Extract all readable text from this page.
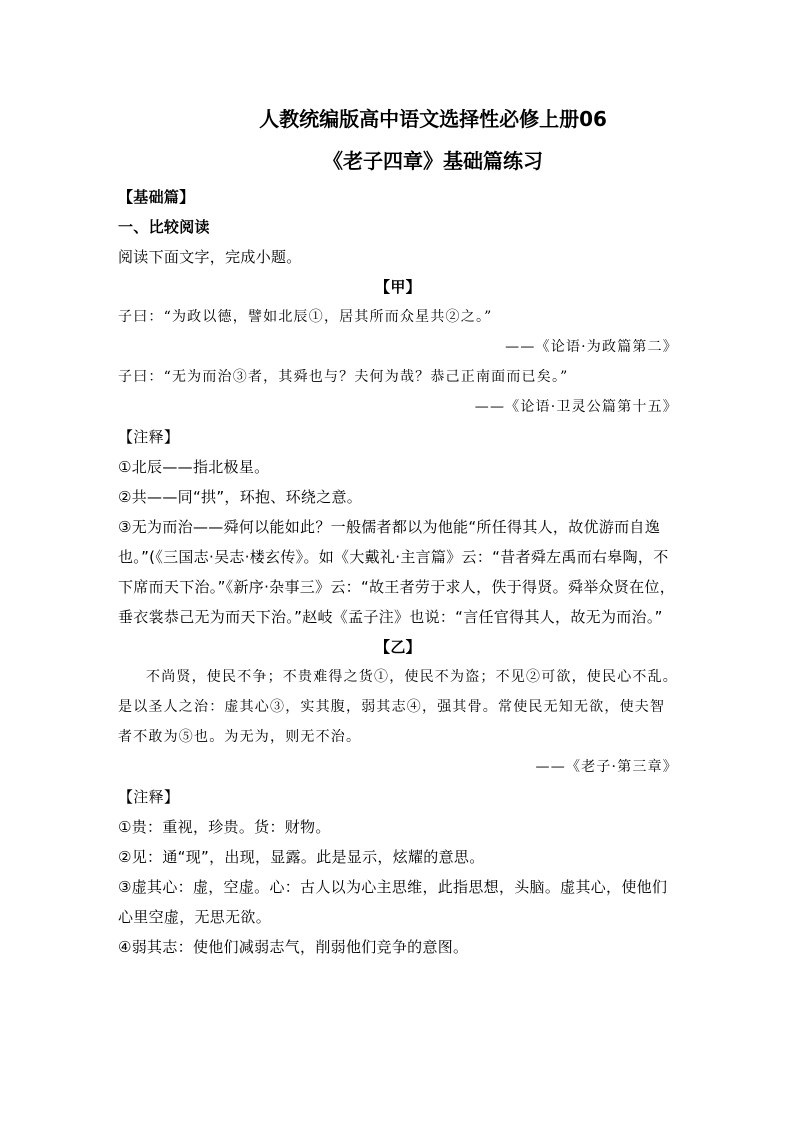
人教统编版高中语文选择性必修上册06

《老子四章》基础篇练习

【基础篇】

一、比较阅读

阅读下面文字，完成小题。

【甲】

子曰：“为政以德，譬如北辰①，居其所而众星共②之。”

——《论语·为政篇第二》

子曰：“无为而治③者，其舜也与？夫何为哉？恭己正南面而已矣。”

——《论语·卫灵公篇第十五》

【注释】

①北辰——指北极星。

②共——同“拱”，环抱、环绕之意。

③无为而治——舜何以能如此？一般儒者都以为他能“所任得其人，故优游而自逸也。”(《三国志·吴志·楼玄传》。如《大戴礼·主言篇》云：“昔者舜左禹而右皋陶，不下席而天下治。”《新序·杂事三》云：“故王者劳于求人，佚于得贤。舜举众贤在位，垂衣裳恭己无为而天下治。”赵岐《孟子注》也说：“言任官得其人，故无为而治。”

【乙】

不尚贤，使民不争；不贵难得之货①，使民不为盗；不见②可欲，使民心不乱。是以圣人之治：虚其心③，实其腹，弱其志④，强其骨。常使民无知无欲，使夫智者不敢为⑤也。为无为，则无不治。

——《老子·第三章》

【注释】

①贵：重视，珍贵。货：财物。

②见：通“现”，出现，显露。此是显示，炫耀的意思。

③虚其心：虚，空虚。心：古人以为心主思维，此指思想，头脑。虚其心，使他们心里空虚，无思无欲。

④弱其志：使他们减弱志气，削弱他们竞争的意图。
